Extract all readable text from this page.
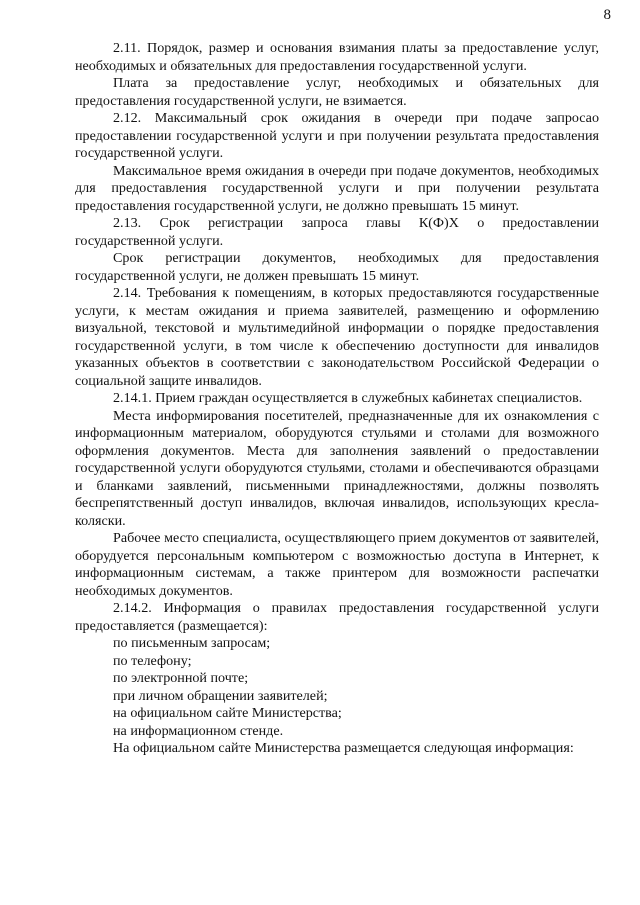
8

2.11. Порядок, размер и основания взимания платы за предоставление услуг, необходимых и обязательных для предоставления государственной услуги.

Плата за предоставление услуг, необходимых и обязательных для предоставления государственной услуги, не взимается.

2.12. Максимальный срок ожидания в очереди при подаче запросао предоставлении государственной услуги и при получении результата предоставления государственной услуги.

Максимальное время ожидания в очереди при подаче документов, необходимых для предоставления государственной услуги и при получении результата предоставления государственной услуги, не должно превышать 15 минут.

2.13. Срок регистрации запроса главы К(Ф)Х о предоставлении государственной услуги.

Срок регистрации документов, необходимых для предоставления государственной услуги, не должен превышать 15 минут.

2.14. Требования к помещениям, в которых предоставляются государственные услуги, к местам ожидания и приема заявителей, размещению и оформлению визуальной, текстовой и мультимедийной информации о порядке предоставления государственной услуги, в том числе к обеспечению доступности для инвалидов указанных объектов в соответствии с законодательством Российской Федерации о социальной защите инвалидов.

2.14.1. Прием граждан осуществляется в служебных кабинетах специалистов.

Места информирования посетителей, предназначенные для их ознакомления с информационным материалом, оборудуются стульями и столами для возможного оформления документов. Места для заполнения заявлений о предоставлении государственной услуги оборудуются стульями, столами и обеспечиваются образцами и бланками заявлений, письменными принадлежностями, должны позволять беспрепятственный доступ инвалидов, включая инвалидов, использующих кресла-коляски.

Рабочее место специалиста, осуществляющего прием документов от заявителей, оборудуется персональным компьютером с возможностью доступа в Интернет, к информационным системам, а также принтером для возможности распечатки необходимых документов.

2.14.2. Информация о правилах предоставления государственной услуги предоставляется (размещается):

по письменным запросам;

по телефону;

по электронной почте;

при личном обращении заявителей;

на официальном сайте Министерства;

на информационном стенде.

На официальном сайте Министерства размещается следующая информация:
